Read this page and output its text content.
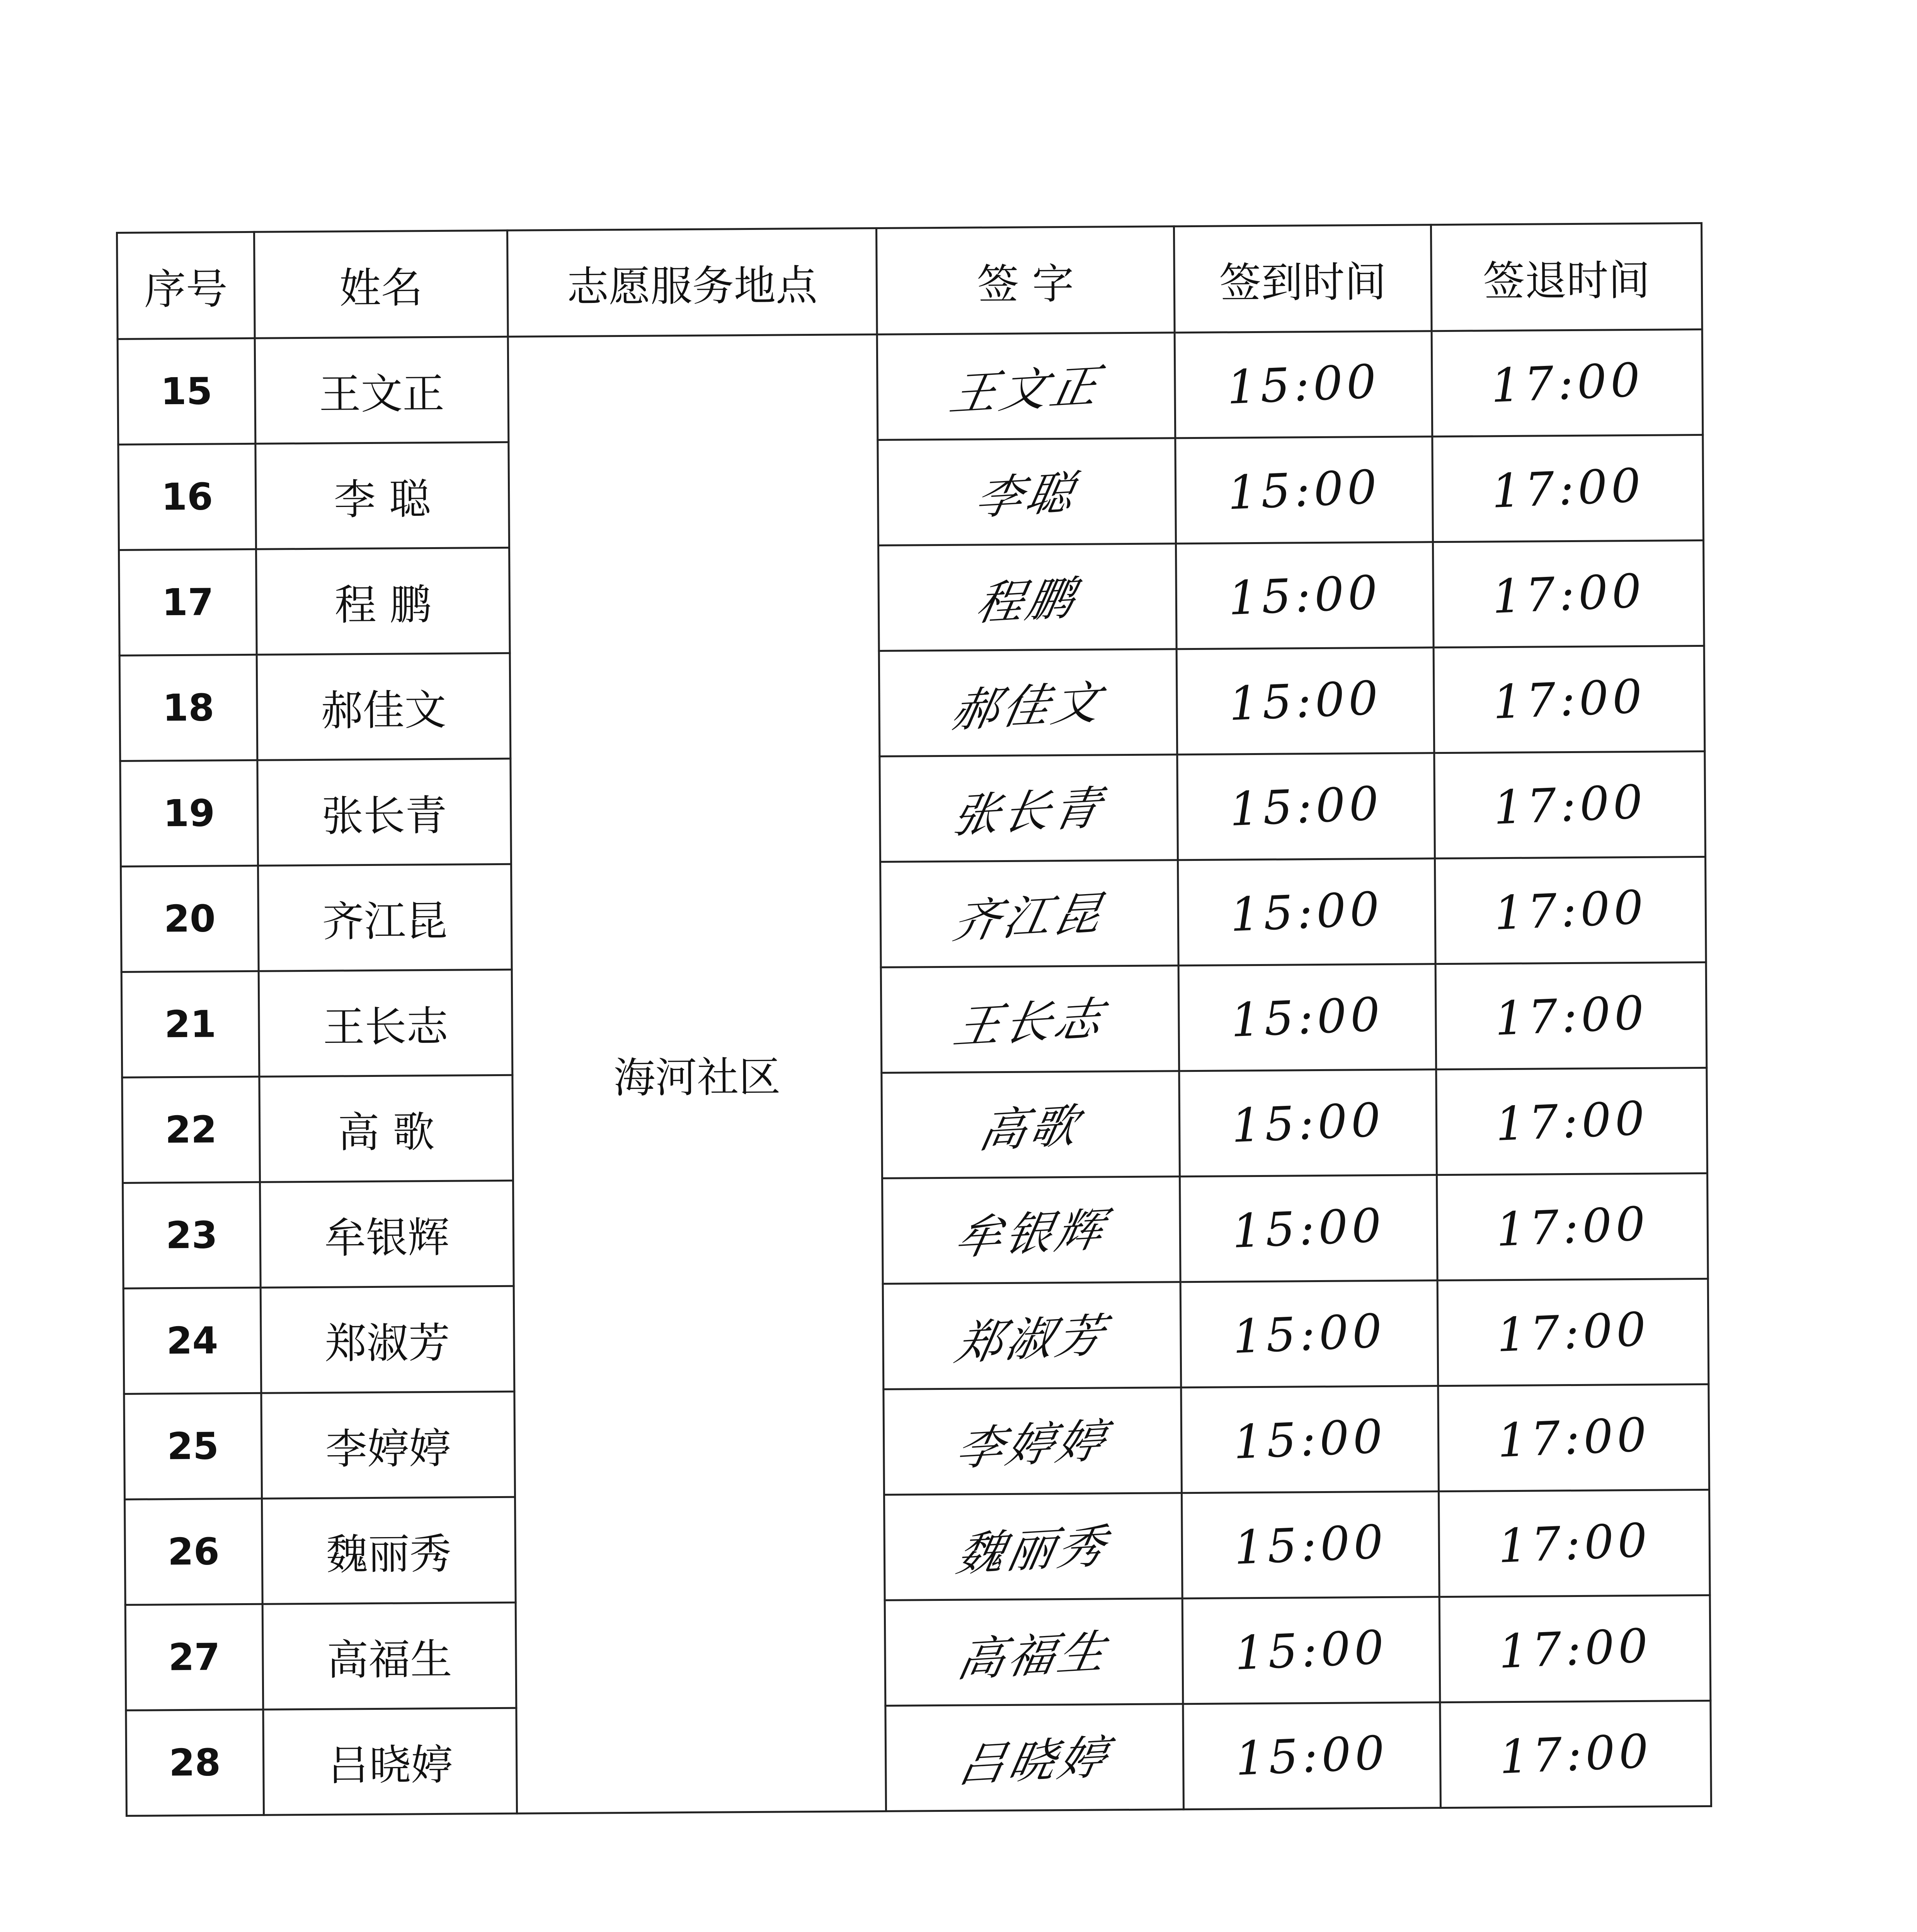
序号	姓名	志愿服务地点	签 字	签到时间	签退时间
15	王文正	海河社区	王文正	15:00	17:00
16	李 聪		李聪	15:00	17:00
17	程 鹏		程鹏	15:00	17:00
18	郝佳文		郝佳文	15:00	17:00
19	张长青		张长青	15:00	17:00
20	齐江昆		齐江昆	15:00	17:00
21	王长志		王长志	15:00	17:00
22	高 歌		高歌	15:00	17:00
23	牟银辉		牟银辉	15:00	17:00
24	郑淑芳		郑淑芳	15:00	17:00
25	李婷婷		李婷婷	15:00	17:00
26	魏丽秀		魏丽秀	15:00	17:00
27	高福生		高福生	15:00	17:00
28	吕晓婷		吕晓婷	15:00	17:00
